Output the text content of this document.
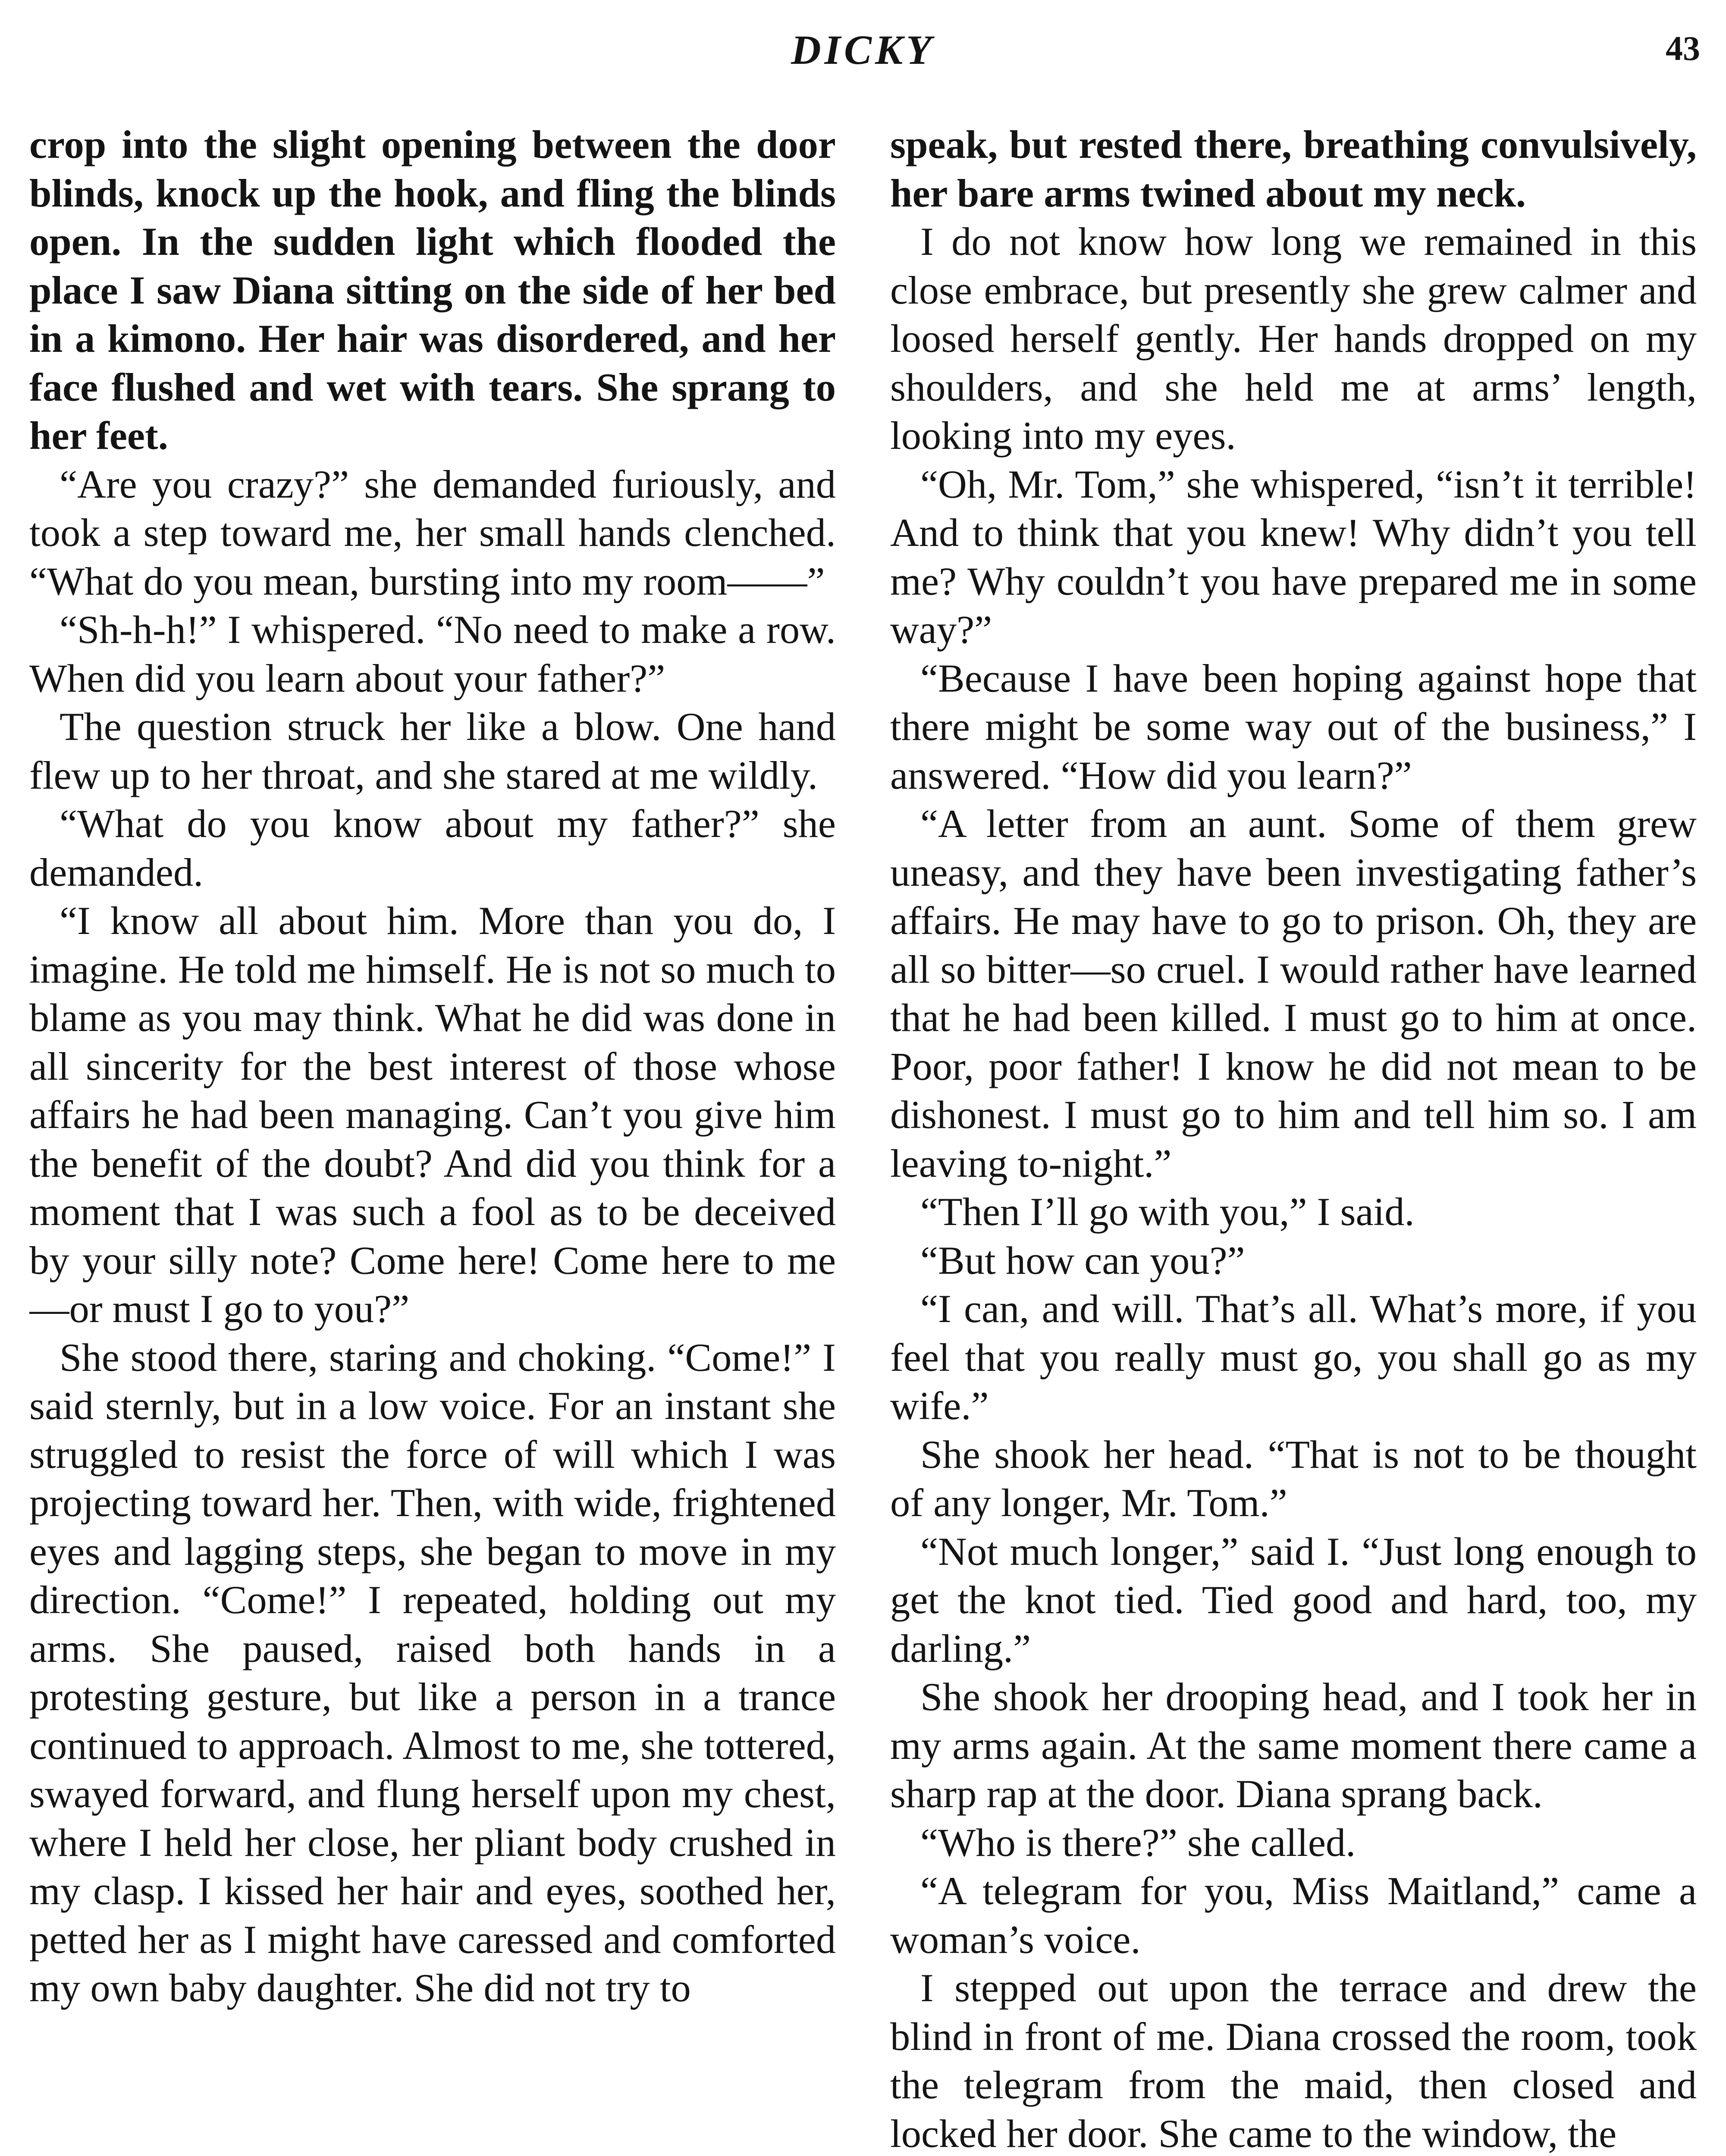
DICKY	43

crop into the slight opening between the door blinds, knock up the hook, and fling the blinds open. In the sudden light which flooded the place I saw Diana sitting on the side of her bed in a kimono. Her hair was disordered, and her face flushed and wet with tears. She sprang to her feet.

“Are you crazy?” she demanded furiously, and took a step toward me, her small hands clenched. “What do you mean, bursting into my room——”

“Sh-h-h!” I whispered. “No need to make a row. When did you learn about your father?”

The question struck her like a blow. One hand flew up to her throat, and she stared at me wildly.

“What do you know about my father?” she demanded.

“I know all about him. More than you do, I imagine. He told me himself. He is not so much to blame as you may think. What he did was done in all sincerity for the best interest of those whose affairs he had been managing. Can’t you give him the benefit of the doubt? And did you think for a moment that I was such a fool as to be deceived by your silly note? Come here! Come here to me—or must I go to you?”

She stood there, staring and choking. “Come!” I said sternly, but in a low voice. For an instant she struggled to resist the force of will which I was projecting toward her. Then, with wide, frightened eyes and lagging steps, she began to move in my direction. “Come!” I repeated, holding out my arms. She paused, raised both hands in a protesting gesture, but like a person in a trance continued to approach. Almost to me, she tottered, swayed forward, and flung herself upon my chest, where I held her close, her pliant body crushed in my clasp. I kissed her hair and eyes, soothed her, petted her as I might have caressed and comforted my own baby daughter. She did not try to

speak, but rested there, breathing convulsively, her bare arms twined about my neck.

I do not know how long we remained in this close embrace, but presently she grew calmer and loosed herself gently. Her hands dropped on my shoulders, and she held me at arms’ length, looking into my eyes.

“Oh, Mr. Tom,” she whispered, “isn’t it terrible! And to think that you knew! Why didn’t you tell me? Why couldn’t you have prepared me in some way?”

“Because I have been hoping against hope that there might be some way out of the business,” I answered. “How did you learn?”

“A letter from an aunt. Some of them grew uneasy, and they have been investigating father’s affairs. He may have to go to prison. Oh, they are all so bitter—so cruel. I would rather have learned that he had been killed. I must go to him at once. Poor, poor father! I know he did not mean to be dishonest. I must go to him and tell him so. I am leaving to-night.”

“Then I’ll go with you,” I said.

“But how can you?”

“I can, and will. That’s all. What’s more, if you feel that you really must go, you shall go as my wife.”

She shook her head. “That is not to be thought of any longer, Mr. Tom.”

“Not much longer,” said I. “Just long enough to get the knot tied. Tied good and hard, too, my darling.”

She shook her drooping head, and I took her in my arms again. At the same moment there came a sharp rap at the door. Diana sprang back.

“Who is there?” she called.

“A telegram for you, Miss Maitland,” came a woman’s voice.

I stepped out upon the terrace and drew the blind in front of me. Diana crossed the room, took the telegram from the maid, then closed and locked her door. She came to the window, the
